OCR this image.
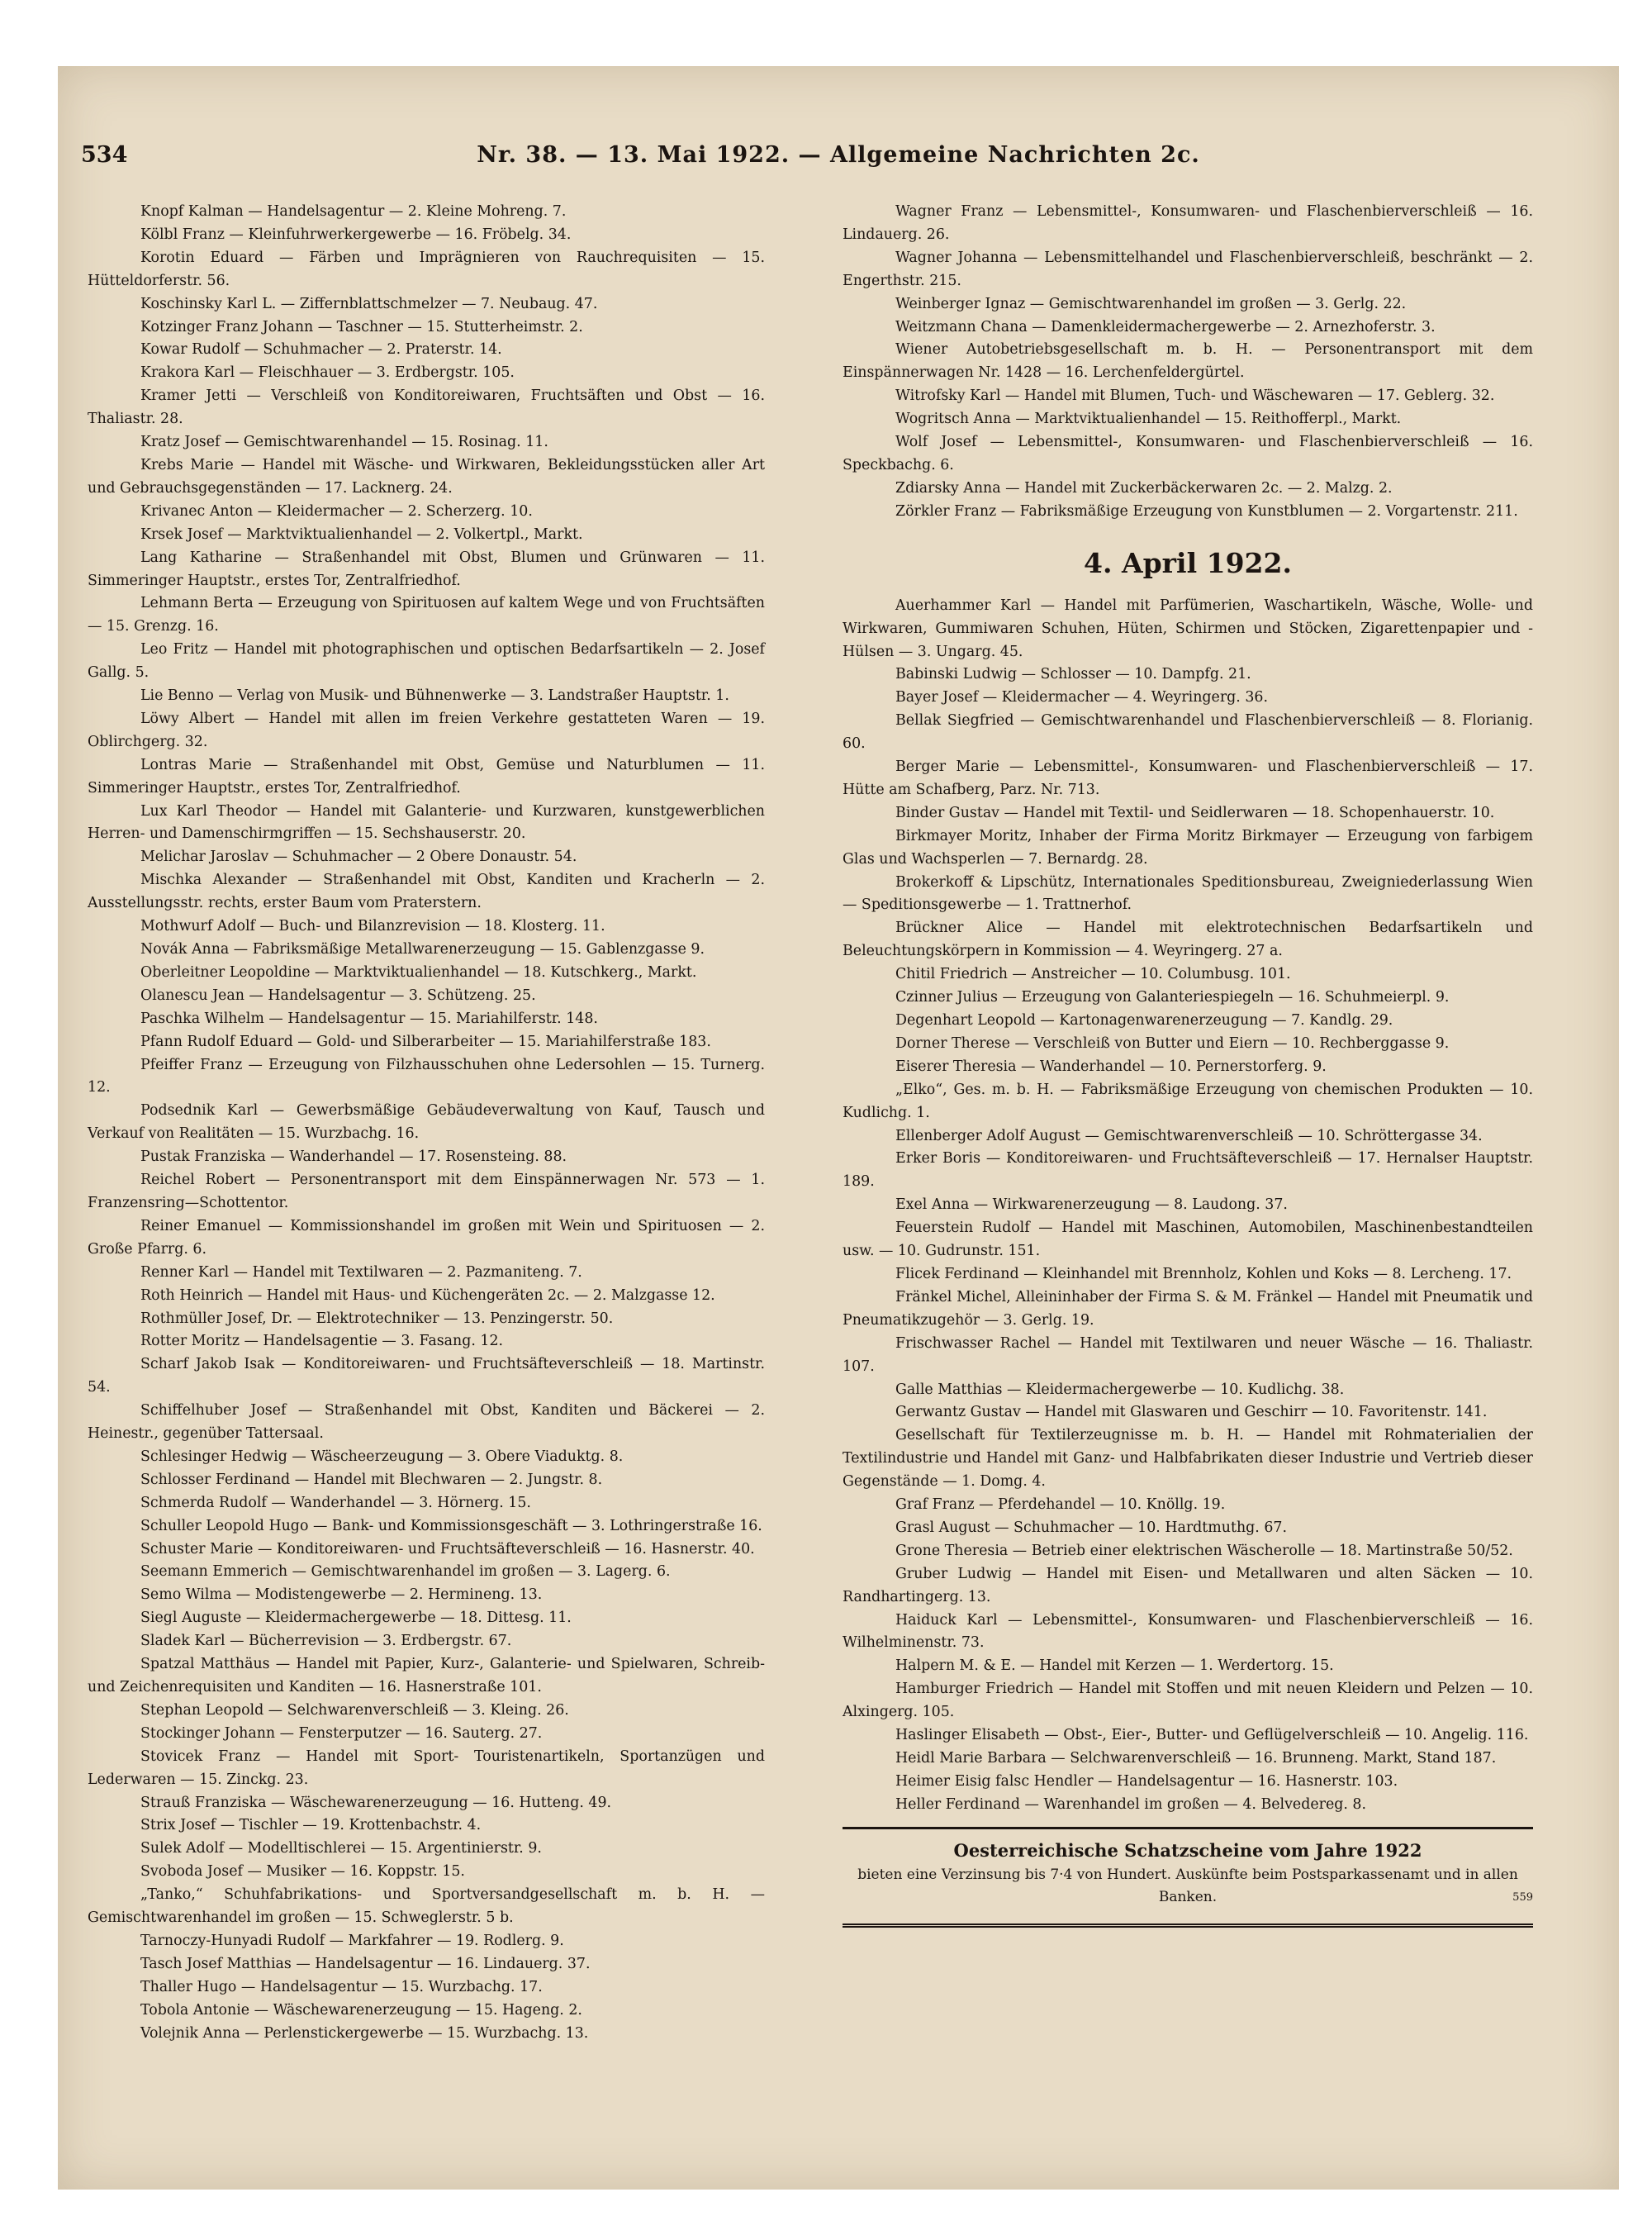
534	Nr. 38. — 13. Mai 1922. — Allgemeine Nachrichten 2c.

Knopf Kalman — Handelsagentur — 2. Kleine Mohreng. 7.

Kölbl Franz — Kleinfuhrwerkergewerbe — 16. Fröbelg. 34.

Korotin Eduard — Färben und Imprägnieren von Rauchrequisiten — 15. Hütteldorferstr. 56.

Koschinsky Karl L. — Ziffernblattschmelzer — 7. Neubaug. 47.

Kotzinger Franz Johann — Taschner — 15. Stutterheimstr. 2.

Kowar Rudolf — Schuhmacher — 2. Praterstr. 14.

Krakora Karl — Fleischhauer — 3. Erdbergstr. 105.

Kramer Jetti — Verschleiß von Konditoreiwaren, Fruchtsäften und Obst — 16. Thaliastr. 28.

Kratz Josef — Gemischtwarenhandel — 15. Rosinag. 11.

Krebs Marie — Handel mit Wäsche- und Wirkwaren, Bekleidungsstücken aller Art und Gebrauchsgegenständen — 17. Lacknerg. 24.

Krivanec Anton — Kleidermacher — 2. Scherzerg. 10.

Krsek Josef — Marktviktualienhandel — 2. Volkertpl., Markt.

Lang Katharine — Straßenhandel mit Obst, Blumen und Grünwaren — 11. Simmeringer Hauptstr., erstes Tor, Zentralfriedhof.

Lehmann Berta — Erzeugung von Spirituosen auf kaltem Wege und von Fruchtsäften — 15. Grenzg. 16.

Leo Fritz — Handel mit photographischen und optischen Bedarfsartikeln — 2. Josef Gallg. 5.

Lie Benno — Verlag von Musik- und Bühnenwerke — 3. Landstraßer Hauptstr. 1.

Löwy Albert — Handel mit allen im freien Verkehre gestatteten Waren — 19. Oblirchgerg. 32.

Lontras Marie — Straßenhandel mit Obst, Gemüse und Naturblumen — 11. Simmeringer Hauptstr., erstes Tor, Zentralfriedhof.

Lux Karl Theodor — Handel mit Galanterie- und Kurzwaren, kunstgewerblichen Herren- und Damenschirmgriffen — 15. Sechshauserstr. 20.

Melichar Jaroslav — Schuhmacher — 2 Obere Donaustr. 54.

Mischka Alexander — Straßenhandel mit Obst, Kanditen und Kracherln — 2. Ausstellungsstr. rechts, erster Baum vom Praterstern.

Mothwurf Adolf — Buch- und Bilanzrevision — 18. Klosterg. 11.

Novák Anna — Fabriksmäßige Metallwarenerzeugung — 15. Gablenzgasse 9.

Oberleitner Leopoldine — Marktviktualienhandel — 18. Kutschkerg., Markt.

Olanescu Jean — Handelsagentur — 3. Schützeng. 25.

Paschka Wilhelm — Handelsagentur — 15. Mariahilferstr. 148.

Pfann Rudolf Eduard — Gold- und Silberarbeiter — 15. Mariahilferstraße 183.

Pfeiffer Franz — Erzeugung von Filzhausschuhen ohne Ledersohlen — 15. Turnerg. 12.

Podsednik Karl — Gewerbsmäßige Gebäudeverwaltung von Kauf, Tausch und Verkauf von Realitäten — 15. Wurzbachg. 16.

Pustak Franziska — Wanderhandel — 17. Rosensteing. 88.

Reichel Robert — Personentransport mit dem Einspännerwagen Nr. 573 — 1. Franzensring—Schottentor.

Reiner Emanuel — Kommissionshandel im großen mit Wein und Spirituosen — 2. Große Pfarrg. 6.

Renner Karl — Handel mit Textilwaren — 2. Pazmanitеng. 7.

Roth Heinrich — Handel mit Haus- und Küchengeräten 2c. — 2. Malzgasse 12.

Rothmüller Josef, Dr. — Elektrotechniker — 13. Penzingerstr. 50.

Rotter Moritz — Handelsagentie — 3. Fasang. 12.

Scharf Jakob Isak — Konditoreiwaren- und Fruchtsäfteverschleiß — 18. Martinstr. 54.

Schiffelhuber Josef — Straßenhandel mit Obst, Kanditen und Bäckerei — 2. Heinestr., gegenüber Tattersaal.

Schlesinger Hedwig — Wäscheerzeugung — 3. Obere Viaduktg. 8.

Schlosser Ferdinand — Handel mit Blechwaren — 2. Jungstr. 8.

Schmerda Rudolf — Wanderhandel — 3. Hörnerg. 15.

Schuller Leopold Hugo — Bank- und Kommissionsgeschäft — 3. Lothringerstraße 16.

Schuster Marie — Konditoreiwaren- und Fruchtsäfteverschleiß — 16. Hasnerstr. 40.

Seemann Emmerich — Gemischtwarenhandel im großen — 3. Lagerg. 6.

Semo Wilma — Modistengewerbe — 2. Hermineng. 13.

Siegl Auguste — Kleidermachergewerbe — 18. Dittesg. 11.

Sladek Karl — Bücherrevision — 3. Erdbergstr. 67.

Spatzal Matthäus — Handel mit Papier, Kurz-, Galanterie- und Spielwaren, Schreib- und Zeichenrequisiten und Kanditen — 16. Hasnerstraße 101.

Stephan Leopold — Selchwarenverschleiß — 3. Kleing. 26.

Stockinger Johann — Fensterputzer — 16. Sauterg. 27.

Stovicek Franz — Handel mit Sport- Touristenartikeln, Sportanzügen und Lederwaren — 15. Zinckg. 23.

Strauß Franziska — Wäschewarenerzeugung — 16. Hutteng. 49.

Strix Josef — Tischler — 19. Krottenbachstr. 4.

Sulek Adolf — Modelltischlerei — 15. Argentinierstr. 9.

Svoboda Josef — Musiker — 16. Koppstr. 15.

„Tanko,“ Schuhfabrikations- und Sportversandgesellschaft m. b. H. — Gemischtwarenhandel im großen — 15. Schweglerstr. 5 b.

Tarnoczy-Hunyadi Rudolf — Markfahrer — 19. Rodlerg. 9.

Tasch Josef Matthias — Handelsagentur — 16. Lindauerg. 37.

Thaller Hugo — Handelsagentur — 15. Wurzbachg. 17.

Tobola Antonie — Wäschewarenerzeugung — 15. Hageng. 2.

Volejnik Anna — Perlenstickergewerbe — 15. Wurzbachg. 13.

Wagner Franz — Lebensmittel-, Konsumwaren- und Flaschenbierverschleiß — 16. Lindauerg. 26.

Wagner Johanna — Lebensmittelhandel und Flaschenbierverschleiß, beschränkt — 2. Engerthstr. 215.

Weinberger Ignaz — Gemischtwarenhandel im großen — 3. Gerlg. 22.

Weitzmann Chana — Damenkleidermachergewerbe — 2. Arnezhoferstr. 3.

Wiener Autobetriebsgesellschaft m. b. H. — Personentransport mit dem Einspännerwagen Nr. 1428 — 16. Lerchenfeldergürtel.

Witrofsky Karl — Handel mit Blumen, Tuch- und Wäschewaren — 17. Geblerg. 32.

Wogritsch Anna — Marktviktualienhandel — 15. Reithofferpl., Markt.

Wolf Josef — Lebensmittel-, Konsumwaren- und Flaschenbierverschleiß — 16. Speckbachg. 6.

Zdiarsky Anna — Handel mit Zuckerbäckerwaren 2c. — 2. Malzg. 2.

Zörkler Franz — Fabriksmäßige Erzeugung von Kunstblumen — 2. Vorgartenstr. 211.

4. April 1922.

Auerhammer Karl — Handel mit Parfümerien, Waschartikeln, Wäsche, Wolle- und Wirkwaren, Gummiwaren Schuhen, Hüten, Schirmen und Stöcken, Zigarettenpapier und -Hülsen — 3. Ungarg. 45.

Babinski Ludwig — Schlosser — 10. Dampfg. 21.

Bayer Josef — Kleidermacher — 4. Weyringerg. 36.

Bellak Siegfried — Gemischtwarenhandel und Flaschenbierverschleiß — 8. Florianig. 60.

Berger Marie — Lebensmittel-, Konsumwaren- und Flaschenbierverschleiß — 17. Hütte am Schafberg, Parz. Nr. 713.

Binder Gustav — Handel mit Textil- und Seidlerwaren — 18. Schopenhauerstr. 10.

Birkmayer Moritz, Inhaber der Firma Moritz Birkmayer — Erzeugung von farbigem Glas und Wachsperlen — 7. Bernardg. 28.

Brokerkoff & Lipschütz, Internationales Speditionsbureau, Zweigniederlassung Wien — Speditionsgewerbe — 1. Trattnerhof.

Brückner Alice — Handel mit elektrotechnischen Bedarfsartikeln und Beleuchtungskörpern in Kommission — 4. Weyringerg. 27 a.

Chitil Friedrich — Anstreicher — 10. Columbusg. 101.

Czinner Julius — Erzeugung von Galanteriespiegeln — 16. Schuhmeierpl. 9.

Degenhart Leopold — Kartonagenwarenerzeugung — 7. Kandlg. 29.

Dorner Therese — Verschleiß von Butter und Eiern — 10. Rechberggasse 9.

Eiserer Theresia — Wanderhandel — 10. Pernerstorferg. 9.

„Elko“, Ges. m. b. H. — Fabriksmäßige Erzeugung von chemischen Produkten — 10. Kudlichg. 1.

Ellenberger Adolf August — Gemischtwarenverschleiß — 10. Schröttergasse 34.

Erker Boris — Konditoreiwaren- und Fruchtsäfteverschleiß — 17. Hernalser Hauptstr. 189.

Exel Anna — Wirkwarenerzeugung — 8. Laudong. 37.

Feuerstein Rudolf — Handel mit Maschinen, Automobilen, Maschinenbestandteilen usw. — 10. Gudrunstr. 151.

Flicek Ferdinand — Kleinhandel mit Brennholz, Kohlen und Koks — 8. Lercheng. 17.

Fränkel Michel, Alleininhaber der Firma S. & M. Fränkel — Handel mit Pneumatik und Pneumatikzugehör — 3. Gerlg. 19.

Frischwasser Rachel — Handel mit Textilwaren und neuer Wäsche — 16. Thaliastr. 107.

Galle Matthias — Kleidermachergewerbe — 10. Kudlichg. 38.

Gerwantz Gustav — Handel mit Glaswaren und Geschirr — 10. Favoritenstr. 141.

Gesellschaft für Textilerzeugnisse m. b. H. — Handel mit Rohmaterialien der Textilindustrie und Handel mit Ganz- und Halbfabrikaten dieser Industrie und Vertrieb dieser Gegenstände — 1. Domg. 4.

Graf Franz — Pferdehandel — 10. Knöllg. 19.

Grasl August — Schuhmacher — 10. Hardtmuthg. 67.

Grone Theresia — Betrieb einer elektrischen Wäscherolle — 18. Martinstraße 50/52.

Gruber Ludwig — Handel mit Eisen- und Metallwaren und alten Säcken — 10. Randhartingerg. 13.

Haiduck Karl — Lebensmittel-, Konsumwaren- und Flaschenbierverschleiß — 16. Wilhelminenstr. 73.

Halpern M. & E. — Handel mit Kerzen — 1. Werdertorg. 15.

Hamburger Friedrich — Handel mit Stoffen und mit neuen Kleidern und Pelzen — 10. Alxingerg. 105.

Haslinger Elisabeth — Obst-, Eier-, Butter- und Geflügelverschleiß — 10. Angelig. 116.

Heidl Marie Barbara — Selchwarenverschleiß — 16. Brunneng. Markt, Stand 187.

Heimer Eisig falsc Hendler — Handelsagentur — 16. Hasnerstr. 103.

Heller Ferdinand — Warenhandel im großen — 4. Belvedereg. 8.

Oesterreichische Schatzscheine vom Jahre 1922
bieten eine Verzinsung bis 7·4 von Hundert. Auskünfte beim Postsparkassenamt und in allen Banken.	559
